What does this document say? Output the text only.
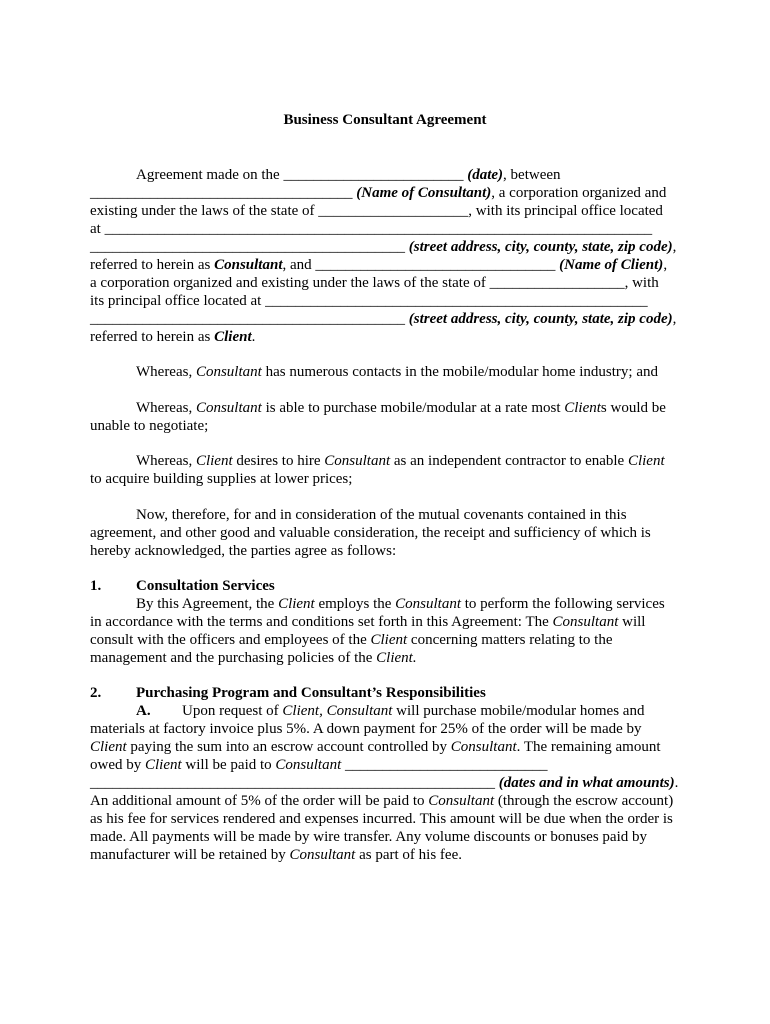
Business Consultant Agreement
Agreement made on the ________________________ (date), between
___________________________________ (Name of Consultant), a corporation organized and
existing under the laws of the state of ____________________, with its principal office located
at _________________________________________________________________________
__________________________________________ (street address, city, county, state, zip code),
referred to herein as Consultant, and ________________________________ (Name of Client),
a corporation organized and existing under the laws of the state of __________________, with
its principal office located at ___________________________________________________
__________________________________________ (street address, city, county, state, zip code),
referred to herein as Client.
Whereas, Consultant has numerous contacts in the mobile/modular home industry; and
Whereas, Consultant is able to purchase mobile/modular at a rate most Clients would be
unable to negotiate;
Whereas, Client desires to hire Consultant as an independent contractor to enable Client
to acquire building supplies at lower prices;
Now, therefore, for and in consideration of the mutual covenants contained in this
agreement, and other good and valuable consideration, the receipt and sufficiency of which is
hereby acknowledged, the parties agree as follows:
1. Consultation Services
By this Agreement, the Client employs the Consultant to perform the following services
in accordance with the terms and conditions set forth in this Agreement: The Consultant will
consult with the officers and employees of the Client concerning matters relating to the
management and the purchasing policies of the Client.
2. Purchasing Program and Consultant’s Responsibilities
A. Upon request of Client, Consultant will purchase mobile/modular homes and
materials at factory invoice plus 5%. A down payment for 25% of the order will be made by
Client paying the sum into an escrow account controlled by Consultant. The remaining amount
owed by Client will be paid to Consultant ___________________________
______________________________________________________ (dates and in what amounts).
An additional amount of 5% of the order will be paid to Consultant (through the escrow account)
as his fee for services rendered and expenses incurred. This amount will be due when the order is
made. All payments will be made by wire transfer. Any volume discounts or bonuses paid by
manufacturer will be retained by Consultant as part of his fee.
